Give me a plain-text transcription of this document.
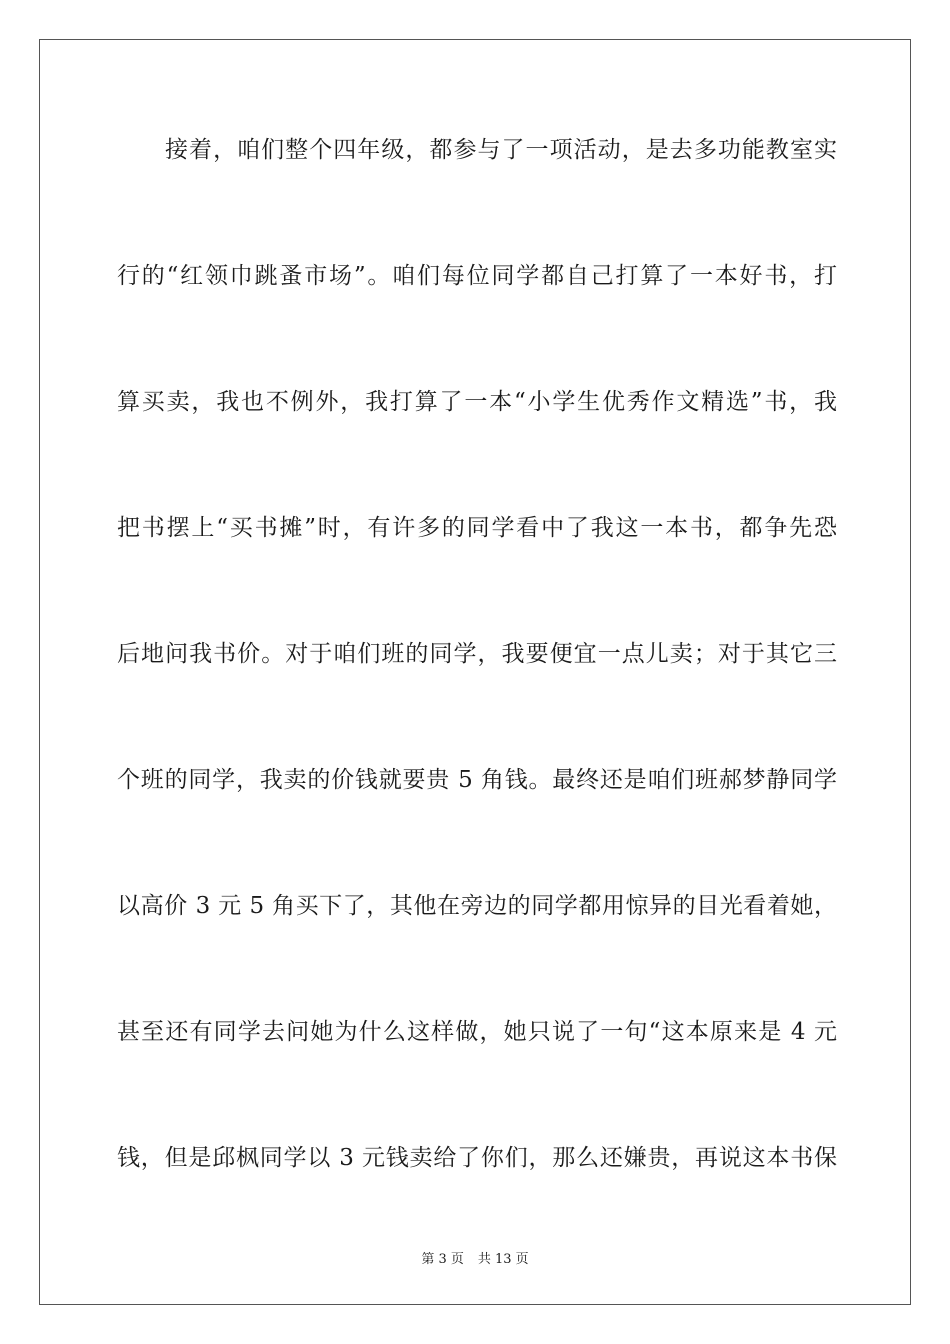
接着，咱们整个四年级，都参与了一项活动，是去多功能教室实
行的“红领巾跳蚤市场”。咱们每位同学都自己打算了一本好书，打
算买卖，我也不例外，我打算了一本“小学生优秀作文精选”书，我
把书摆上“买书摊”时，有许多的同学看中了我这一本书，都争先恐
后地问我书价。对于咱们班的同学，我要便宜一点儿卖；对于其它三
个班的同学，我卖的价钱就要贵 5 角钱。最终还是咱们班郝梦静同学
以高价 3 元 5 角买下了，其他在旁边的同学都用惊异的目光看着她，
甚至还有同学去问她为什么这样做，她只说了一句“这本原来是 4 元
钱，但是邱枫同学以 3 元钱卖给了你们，那么还嫌贵，再说这本书保
第 3 页 共 13 页
